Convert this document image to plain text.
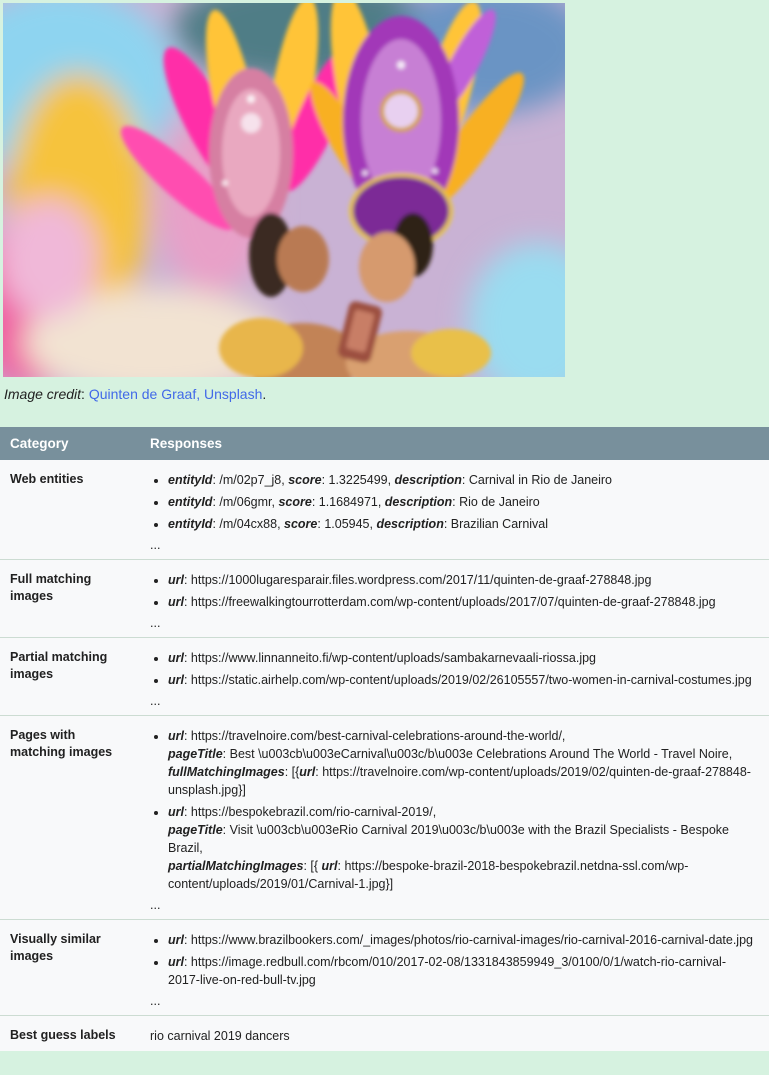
Image credit: Quinten de Graaf, Unsplash.
Category	Responses
Web entities	
•entityId: /m/02p7_j8, score: 1.3225499, description: Carnival in Rio de Janeiro
• entityId: /m/06gmr, score: 1.1684971, description: Rio de Janeiro
• entityId: /m/04cx88, score: 1.05945, description: Brazilian Carnival
...

Full matching images	
• url: https://1000lugaresparair.files.wordpress.com/2017/11/quinten-de-graaf-278848.jpg
• url: https://freewalkingtourrotterdam.com/wp-content/uploads/2017/07/quinten-de-graaf-278848.jpg
...

Partial matching images	
• url: https://www.linnanneito.fi/wp-content/uploads/sambakarnevaali-riossa.jpg
• url: https://static.airhelp.com/wp-content/uploads/2019/02/26105557/two-women-in-carnival-costumes.jpg
...

Pages with matching images	
• url: https://travelnoire.com/best-carnival-celebrations-around-the-world/,
pageTitle: Best \u003cb\u003eCarnival\u003c/b\u003e Celebrations Around The World - Travel Noire,
fullMatchingImages: [{url: https://travelnoire.com/wp-content/uploads/2019/02/quinten-de-graaf-278848-unsplash.jpg}]
• url: https://bespokebrazil.com/rio-carnival-2019/,
pageTitle: Visit \u003cb\u003eRio Carnival 2019\u003c/b\u003e with the Brazil Specialists - Bespoke Brazil,
partialMatchingImages: [{ url: https://bespoke-brazil-2018-bespokebrazil.netdna-ssl.com/wp-content/uploads/2019/01/Carnival-1.jpg}]
...

Visually similar images	
• url: https://www.brazilbookers.com/_images/photos/rio-carnival-images/rio-carnival-2016-carnival-date.jpg
• url: https://image.redbull.com/rbcom/010/2017-02-08/1331843859949_3/0100/0/1/watch-rio-carnival-2017-live-on-red-bull-tv.jpg
...

Best guess labels	rio carnival 2019 dancers
